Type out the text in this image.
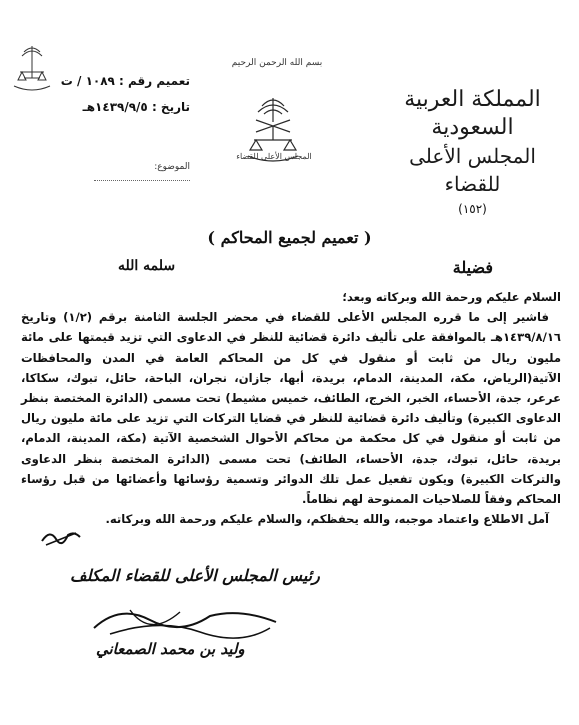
تعميم رقم : ١٠٨٩ / ت
تاريخ : ١٤٣٩/٩/٥هـ
الموضوع:
بسم الله الرحمن الرحيم
المجلس الأعلى للقضاء
المملكة العربية السعودية
المجلس الأعلى للقضاء
(١٥٢)
( تعميم لجميع المحاكم )
فضيلة
سلمه الله

السلام عليكم ورحمة الله وبركاته وبعد؛

فاشير إلى ما قرره المجلس الأعلى للقضاء في محضر الجلسة الثامنة برقم (١/٢) وتاريخ ١٤٣٩/٨/١٦هـ بالموافقة على تأليف دائرة قضائية للنظر في الدعاوى التي تزيد قيمتها على مائة مليون ريال من ثابت أو منقول في كل من المحاكم العامة في المدن والمحافظات الآتية(الرياض، مكة، المدينة، الدمام، بريدة، أبها، جازان، نجران، الباحة، حائل، تبوك، سكاكا، عرعر، جدة، الأحساء، الخبر، الخرج، الطائف، خميس مشيط) تحت مسمى (الدائرة المختصة بنظر الدعاوى الكبيرة) وتأليف دائرة قضائية للنظر في قضايا التركات التي تزيد على مائة مليون ريال من ثابت أو منقول في كل محكمة من محاكم الأحوال الشخصية الآتية (مكة، المدينة، الدمام، بريدة، حائل، تبوك، جدة، الأحساء، الطائف) تحت مسمى (الدائرة المختصة بنظر الدعاوى والتركات الكبيرة) ويكون تفعيل عمل تلك الدوائر وتسمية رؤسائها وأعضائها من قبل رؤساء المحاكم وفقاً للصلاحيات الممنوحة لهم نظاماً.

آمل الاطلاع واعتماد موجبه، والله يحفظكم، والسلام عليكم ورحمة الله وبركاته.

رئيس المجلس الأعلى للقضاء المكلف
وليد بن محمد الصمعاني
